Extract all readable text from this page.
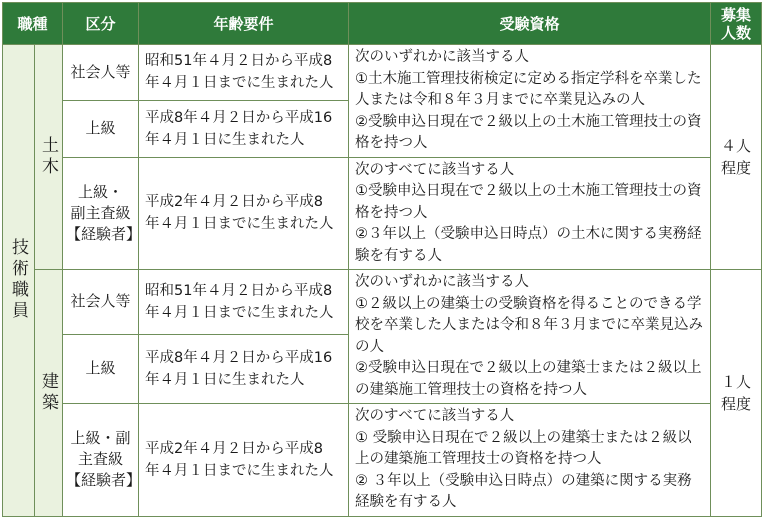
職種		区分	年齢要件	受験資格	募集
人数

技術職員	土木	社会人等	昭和51年４月２日から平成8
年４月１日までに生まれた人	次のいずれかに該当する人
①土木施工管理技術検定に定める指定学科を卒業した人または令和８年３月までに卒業見込みの人
②受験申込日現在で２級以上の土木施工管理技士の資格を持つ人	４人
程度

		上級	平成8年４月２日から平成16
年４月１日に生まれた人		

		上級・
副主査級
【経験者】	平成2年４月２日から平成8
年４月１日までに生まれた人	次のすべてに該当する人
①受験申込日現在で２級以上の土木施工管理技士の資格を持つ人
②３年以上（受験申込日時点）の土木に関する実務経験を有する人	

	建築	社会人等	昭和51年４月２日から平成8
年４月１日までに生まれた人	次のいずれかに該当する人
①２級以上の建築士の受験資格を得ることのできる学校を卒業した人または令和８年３月までに卒業見込みの人
②受験申込日現在で２級以上の建築士または２級以上の建築施工管理技士の資格を持つ人	１人
程度

		上級	平成8年４月２日から平成16
年４月１日に生まれた人		

		上級・副
主査級
【経験者】	平成2年４月２日から平成8
年４月１日までに生まれた人	次のすべてに該当する人
① 受験申込日現在で２級以上の建築士または２級以上の建築施工管理技士の資格を持つ人
② ３年以上（受験申込日時点）の建築に関する実務経験を有する人	
